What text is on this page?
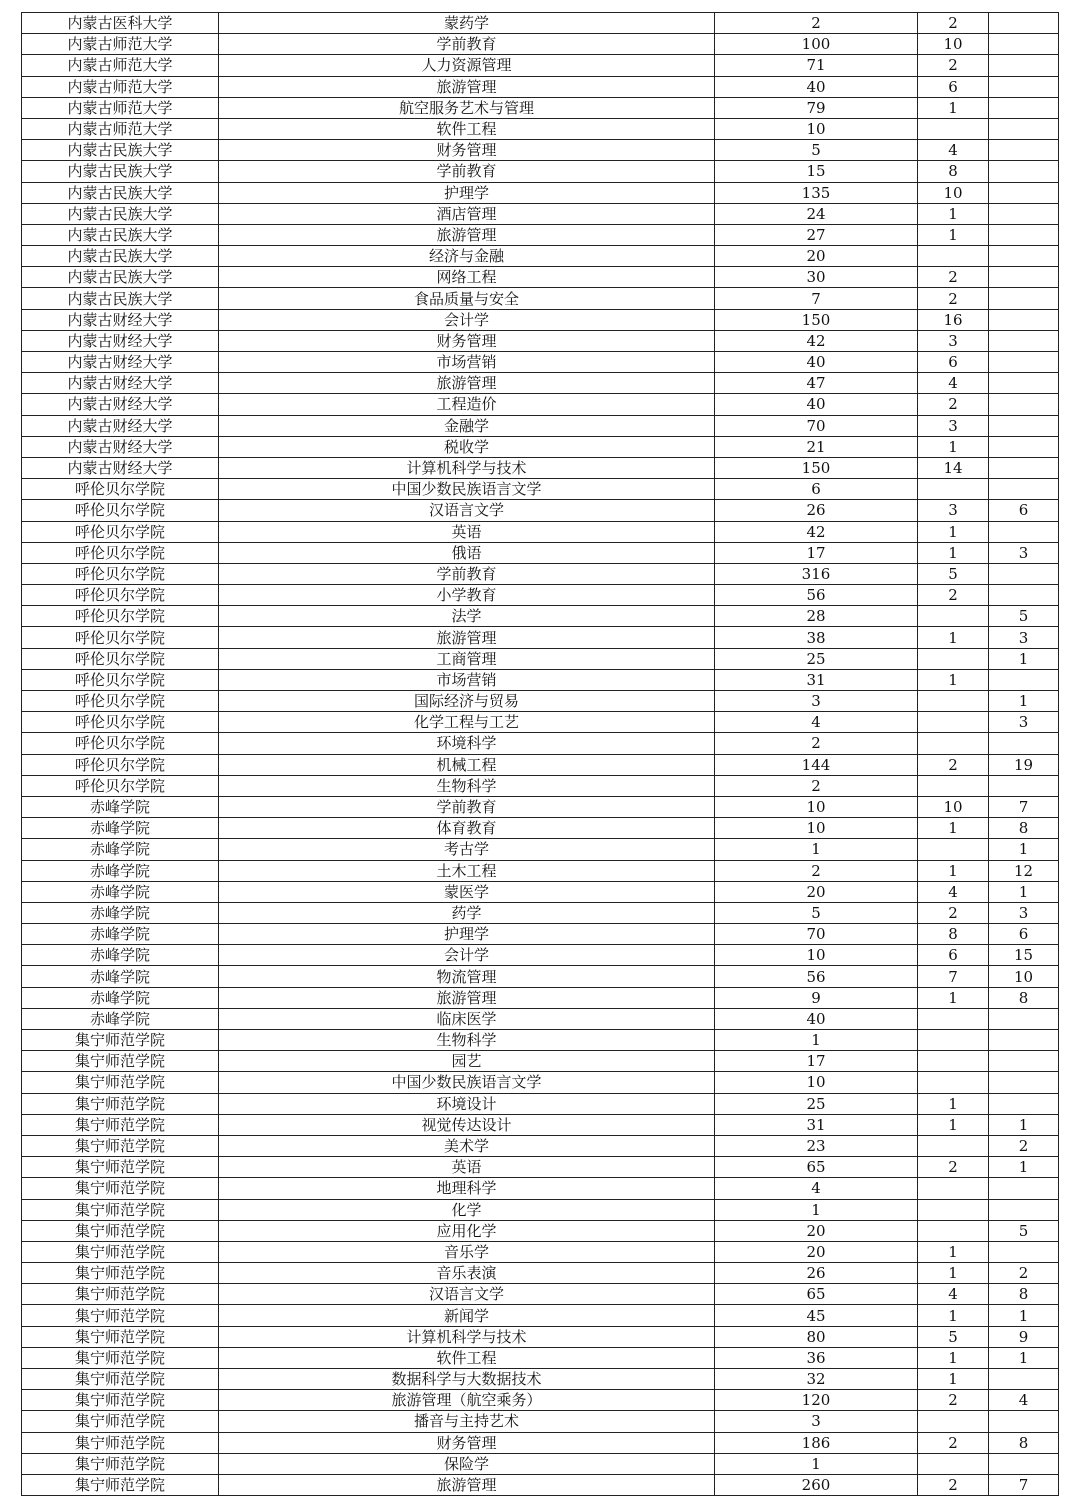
内蒙古医科大学	蒙药学	2	2	
内蒙古师范大学	学前教育	100	10	
内蒙古师范大学	人力资源管理	71	2	
内蒙古师范大学	旅游管理	40	6	
内蒙古师范大学	航空服务艺术与管理	79	1	
内蒙古师范大学	软件工程	10		
内蒙古民族大学	财务管理	5	4	
内蒙古民族大学	学前教育	15	8	
内蒙古民族大学	护理学	135	10	
内蒙古民族大学	酒店管理	24	1	
内蒙古民族大学	旅游管理	27	1	
内蒙古民族大学	经济与金融	20		
内蒙古民族大学	网络工程	30	2	
内蒙古民族大学	食品质量与安全	7	2	
内蒙古财经大学	会计学	150	16	
内蒙古财经大学	财务管理	42	3	
内蒙古财经大学	市场营销	40	6	
内蒙古财经大学	旅游管理	47	4	
内蒙古财经大学	工程造价	40	2	
内蒙古财经大学	金融学	70	3	
内蒙古财经大学	税收学	21	1	
内蒙古财经大学	计算机科学与技术	150	14	
呼伦贝尔学院	中国少数民族语言文学	6		
呼伦贝尔学院	汉语言文学	26	3	6
呼伦贝尔学院	英语	42	1	
呼伦贝尔学院	俄语	17	1	3
呼伦贝尔学院	学前教育	316	5	
呼伦贝尔学院	小学教育	56	2	
呼伦贝尔学院	法学	28		5
呼伦贝尔学院	旅游管理	38	1	3
呼伦贝尔学院	工商管理	25		1
呼伦贝尔学院	市场营销	31	1	
呼伦贝尔学院	国际经济与贸易	3		1
呼伦贝尔学院	化学工程与工艺	4		3
呼伦贝尔学院	环境科学	2		
呼伦贝尔学院	机械工程	144	2	19
呼伦贝尔学院	生物科学	2		
赤峰学院	学前教育	10	10	7
赤峰学院	体育教育	10	1	8
赤峰学院	考古学	1		1
赤峰学院	土木工程	2	1	12
赤峰学院	蒙医学	20	4	1
赤峰学院	药学	5	2	3
赤峰学院	护理学	70	8	6
赤峰学院	会计学	10	6	15
赤峰学院	物流管理	56	7	10
赤峰学院	旅游管理	9	1	8
赤峰学院	临床医学	40		
集宁师范学院	生物科学	1		
集宁师范学院	园艺	17		
集宁师范学院	中国少数民族语言文学	10		
集宁师范学院	环境设计	25	1	
集宁师范学院	视觉传达设计	31	1	1
集宁师范学院	美术学	23		2
集宁师范学院	英语	65	2	1
集宁师范学院	地理科学	4		
集宁师范学院	化学	1		
集宁师范学院	应用化学	20		5
集宁师范学院	音乐学	20	1	
集宁师范学院	音乐表演	26	1	2
集宁师范学院	汉语言文学	65	4	8
集宁师范学院	新闻学	45	1	1
集宁师范学院	计算机科学与技术	80	5	9
集宁师范学院	软件工程	36	1	1
集宁师范学院	数据科学与大数据技术	32	1	
集宁师范学院	旅游管理（航空乘务）	120	2	4
集宁师范学院	播音与主持艺术	3		
集宁师范学院	财务管理	186	2	8
集宁师范学院	保险学	1		
集宁师范学院	旅游管理	260	2	7
